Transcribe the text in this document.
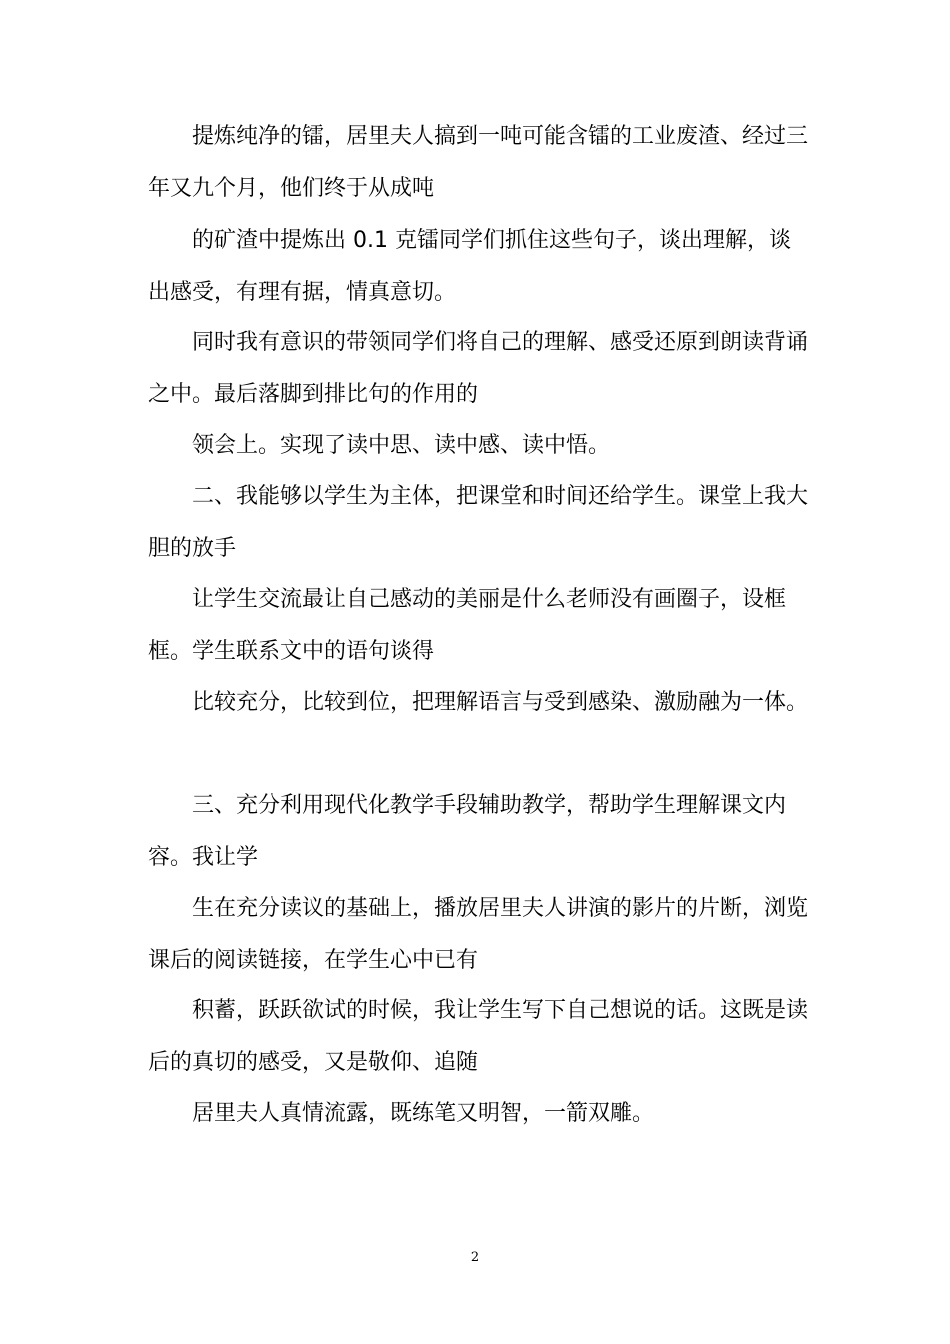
提炼纯净的镭，居里夫人搞到一吨可能含镭的工业废渣、经过三年又九个月，他们终于从成吨

的矿渣中提炼出 0.1 克镭同学们抓住这些句子，谈出理解，谈出感受，有理有据，情真意切。

同时我有意识的带领同学们将自己的理解、感受还原到朗读背诵之中。最后落脚到排比句的作用的

领会上。实现了读中思、读中感、读中悟。

二、我能够以学生为主体，把课堂和时间还给学生。课堂上我大胆的放手

让学生交流最让自己感动的美丽是什么老师没有画圈子，设框框。学生联系文中的语句谈得

比较充分，比较到位，把理解语言与受到感染、激励融为一体。

三、充分利用现代化教学手段辅助教学，帮助学生理解课文内容。我让学

生在充分读议的基础上，播放居里夫人讲演的影片的片断，浏览课后的阅读链接，在学生心中已有

积蓄，跃跃欲试的时候，我让学生写下自己想说的话。这既是读后的真切的感受，又是敬仰、追随

居里夫人真情流露，既练笔又明智，一箭双雕。

2
